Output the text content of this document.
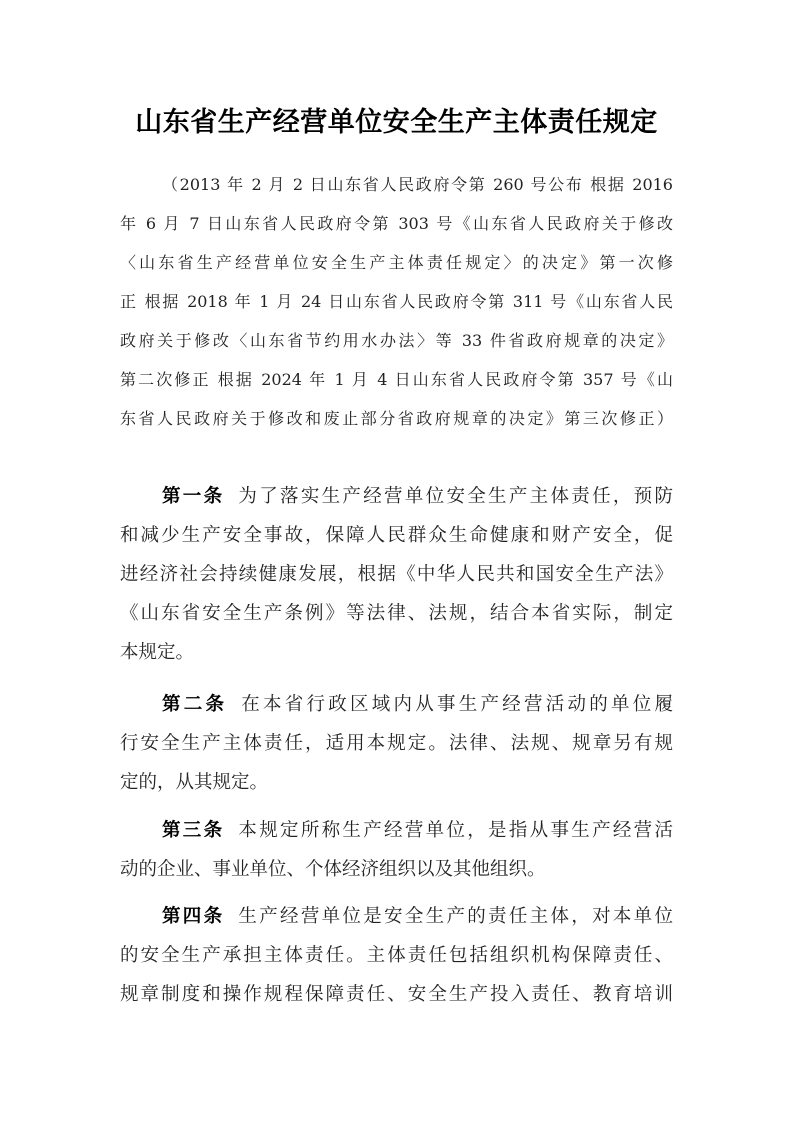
山东省生产经营单位安全生产主体责任规定
（2013 年 2 月 2 日山东省人民政府令第 260 号公布 根据 2016
年 6 月 7 日山东省人民政府令第 303 号《山东省人民政府关于修改
〈山东省生产经营单位安全生产主体责任规定〉的决定》第一次修
正 根据 2018 年 1 月 24 日山东省人民政府令第 311 号《山东省人民
政府关于修改〈山东省节约用水办法〉等 33 件省政府规章的决定》
第二次修正 根据 2024 年 1 月 4 日山东省人民政府令第 357 号《山
东省人民政府关于修改和废止部分省政府规章的决定》第三次修正）
第一条 为了落实生产经营单位安全生产主体责任，预防
和减少生产安全事故，保障人民群众生命健康和财产安全，促
进经济社会持续健康发展，根据《中华人民共和国安全生产法》
《山东省安全生产条例》等法律、法规，结合本省实际，制定
本规定。
第二条 在本省行政区域内从事生产经营活动的单位履
行安全生产主体责任，适用本规定。法律、法规、规章另有规
定的，从其规定。
第三条 本规定所称生产经营单位，是指从事生产经营活
动的企业、事业单位、个体经济组织以及其他组织。
第四条 生产经营单位是安全生产的责任主体，对本单位
的安全生产承担主体责任。主体责任包括组织机构保障责任、
规章制度和操作规程保障责任、安全生产投入责任、教育培训
